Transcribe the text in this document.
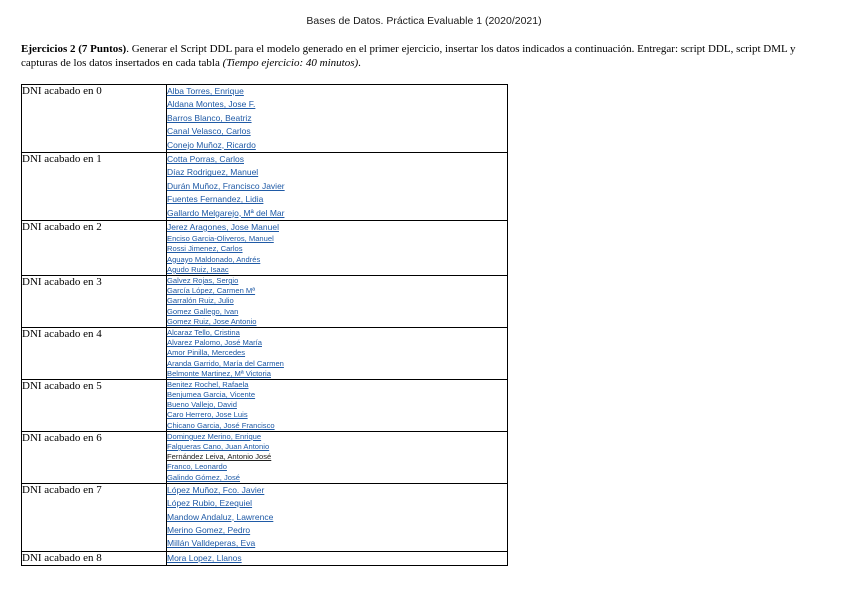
Bases de Datos. Práctica Evaluable 1 (2020/2021)
Ejercicios 2 (7 Puntos). Generar el Script DDL para el modelo generado en el primer ejercicio, insertar los datos indicados a continuación. Entregar: script DDL, script DML y capturas de los datos insertados en cada tabla (Tiempo ejercicio: 40 minutos).
DNI acabado en 0	Alba Torres, Enrique
Aldana Montes, Jose F.
Barros Blanco, Beatriz
Canal Velasco, Carlos
Conejo Muñoz, Ricardo

DNI acabado en 1	Cotta Porras, Carlos
Díaz Rodriguez, Manuel
Durán Muñoz, Francisco Javier
Fuentes Fernandez, Lidia
Gallardo Melgarejo, Mª del Mar

DNI acabado en 2	Jerez Aragones, Jose Manuel
Enciso Garcia-Oliveros, Manuel
Rossi Jimenez, Carlos
Aguayo Maldonado, Andrés
Agudo Ruiz, Isaac

DNI acabado en 3	Galvez Rojas, Sergio
García López, Carmen Mª
Garralón Ruiz, Julio
Gomez Gallego, Ivan
Gomez Ruiz, Jose Antonio

DNI acabado en 4	Alcaraz Tello, Cristina
Alvarez Palomo, José María
Amor Pinilla, Mercedes
Aranda Garrido, María del Carmen
Belmonte Martinez, Mª Victoria

DNI acabado en 5	Benitez Rochel, Rafaela
Benjumea Garcia, Vicente
Bueno Vallejo, David
Caro Herrero, Jose Luis
Chicano Garcia, José Francisco

DNI acabado en 6	Dominguez Merino, Enrique
Falgueras Cano, Juan Antonio
Fernández Leiva, Antonio José
Franco, Leonardo
Galindo Gómez, José

DNI acabado en 7	López Muñoz, Fco. Javier
López Rubio, Ezequiel
Mandow Andaluz, Lawrence
Merino Gomez, Pedro
Millán Valldeperas, Eva

DNI acabado en 8	Mora Lopez, Llanos
